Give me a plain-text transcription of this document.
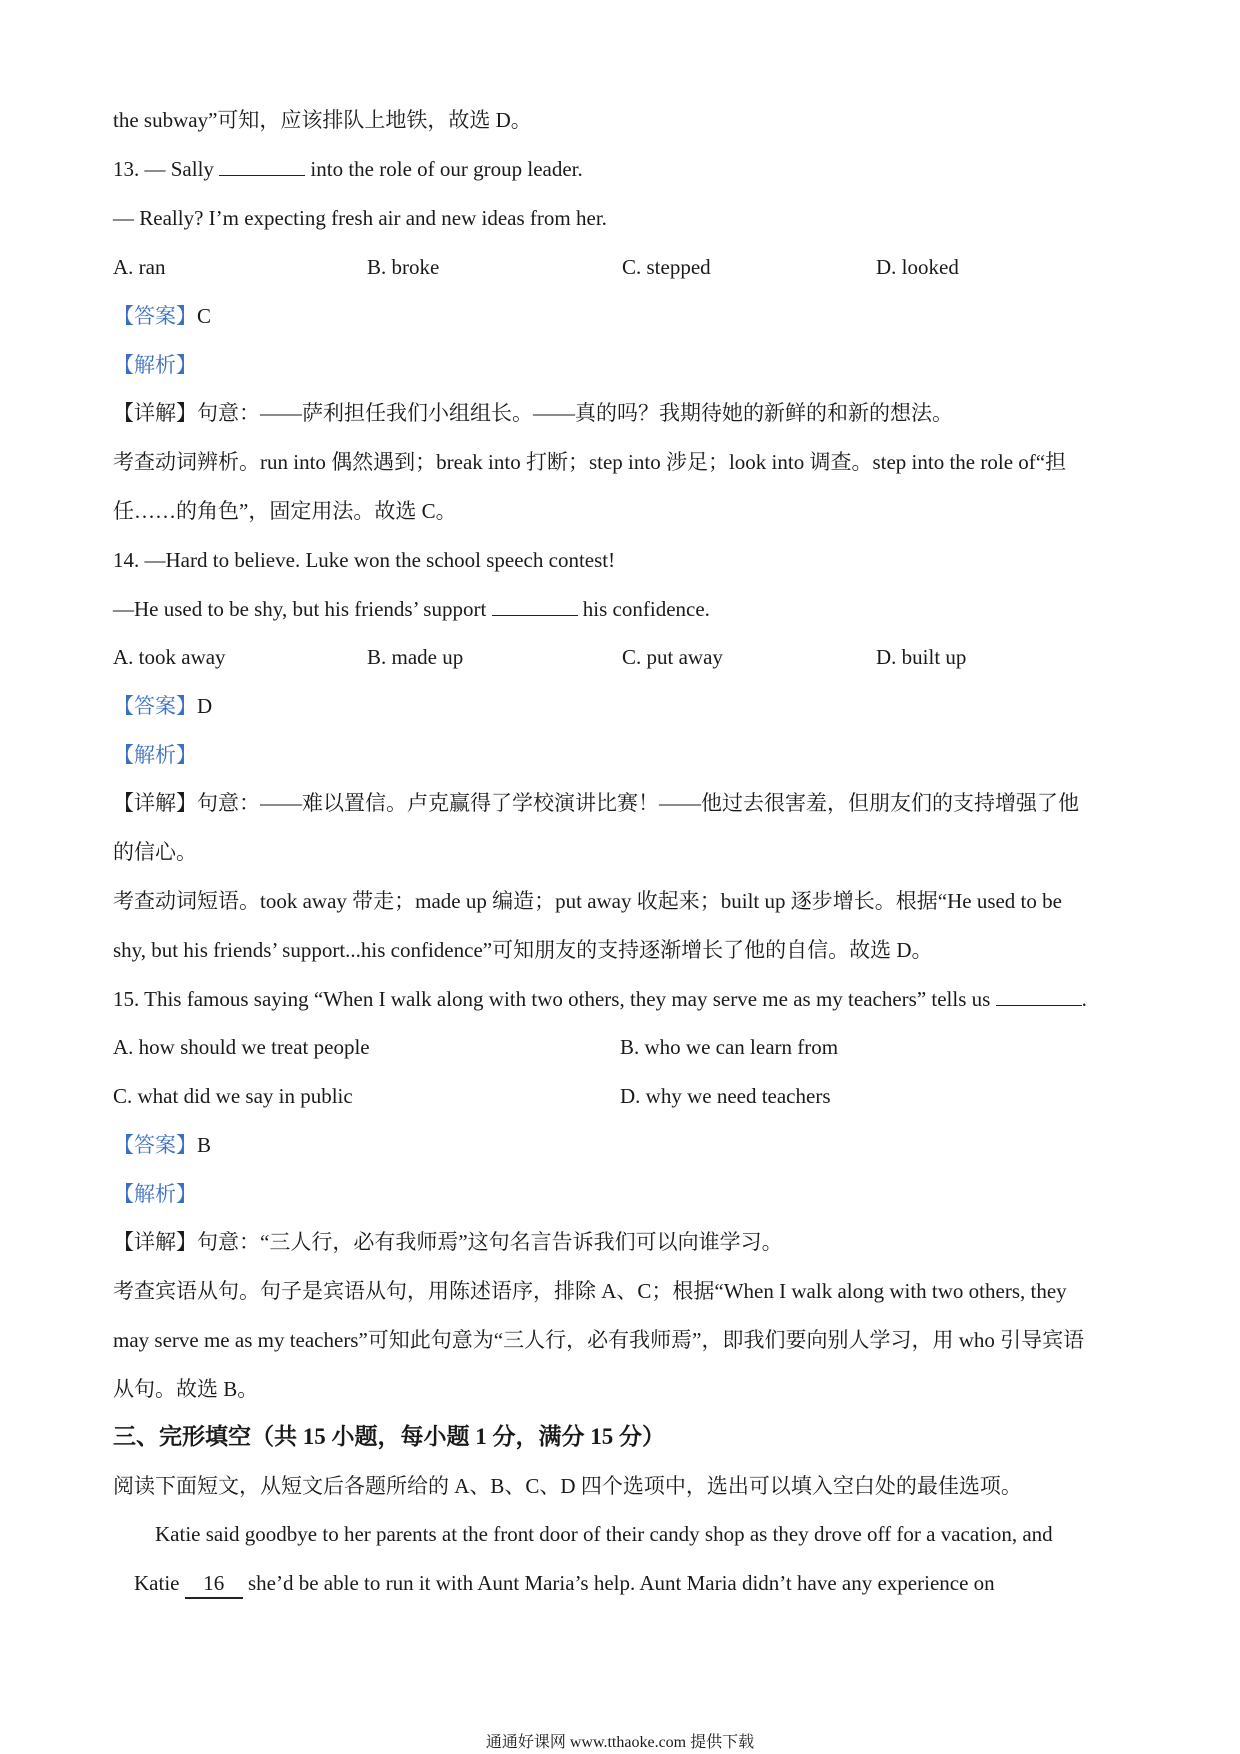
the subway”可知，应该排队上地铁，故选 D。
13. — Sally	into the role of our group leader.
— Really? I’m expecting fresh air and new ideas from her.
A. ran	B. broke	C. stepped	D. looked
【答案】C
【解析】
【详解】句意：——萨利担任我们小组组长。——真的吗？我期待她的新鲜的和新的想法。
考查动词辨析。run into 偶然遇到；break into 打断；step into 涉足；look into 调查。step into the role of“担
任……的角色”，固定用法。故选 C。
14. —Hard to believe. Luke won the school speech contest!
—He used to be shy, but his friends’ support	his confidence.
A. took away	B. made up	C. put away	D. built up
【答案】D
【解析】
【详解】句意：——难以置信。卢克赢得了学校演讲比赛！——他过去很害羞，但朋友们的支持增强了他
的信心。
考查动词短语。took away 带走；made up 编造；put away 收起来；built up 逐步增长。根据“He used to be
shy, but his friends’ support...his confidence”可知朋友的支持逐渐增长了他的自信。故选 D。
15. This famous saying “When I walk along with two others, they may serve me as my teachers” tells us	.
A. how should we treat people	B. who we can learn from
C. what did we say in public	D. why we need teachers
【答案】B
【解析】
【详解】句意：“三人行，必有我师焉”这句名言告诉我们可以向谁学习。
考查宾语从句。句子是宾语从句，用陈述语序，排除 A、C；根据“When I walk along with two others, they
may serve me as my teachers”可知此句意为“三人行，必有我师焉”，即我们要向别人学习，用 who 引导宾语
从句。故选 B。
三、完形填空（共 15 小题，每小题 1 分，满分 15 分）
阅读下面短文，从短文后各题所给的 A、B、C、D 四个选项中，选出可以填入空白处的最佳选项。
Katie said goodbye to her parents at the front door of their candy shop as they drove off for a vacation, and
Katie 16 she’d be able to run it with Aunt Maria’s help. Aunt Maria didn’t have any experience on
通通好课网 www.tthaoke.com 提供下载
